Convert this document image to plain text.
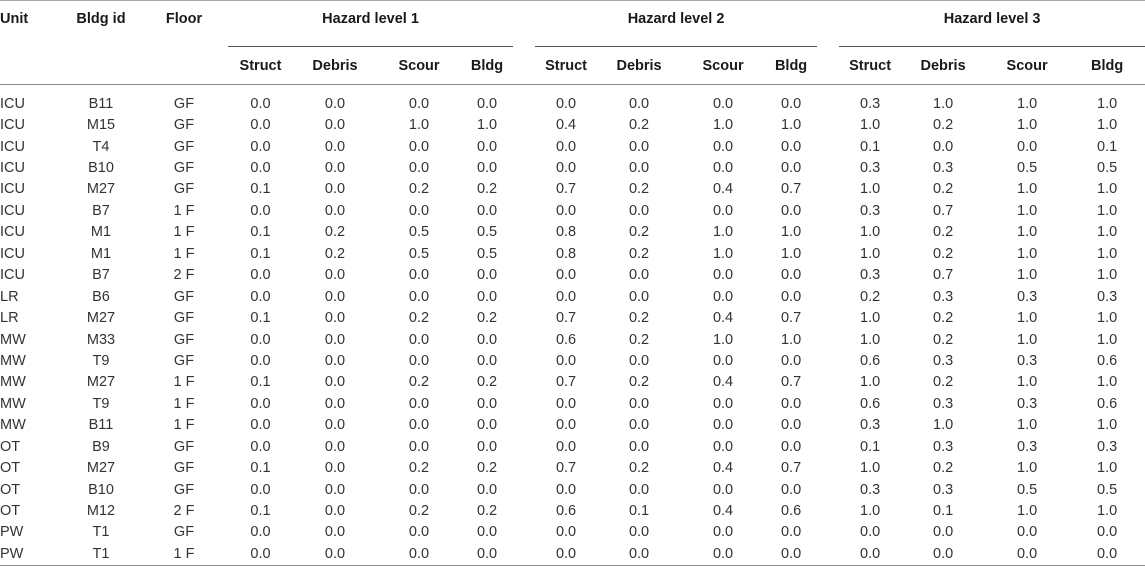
Unit	Bldg id	Floor		Hazard level 1					Hazard level 2					Hazard level 3			
				Struct	Debris	Scour	Bldg		Struct	Debris	Scour	Bldg		Struct	Debris	Scour	Bldg
ICU	B11	GF		0.0	0.0	0.0	0.0		0.0	0.0	0.0	0.0		0.3	1.0	1.0	1.0
ICU	M15	GF		0.0	0.0	1.0	1.0		0.4	0.2	1.0	1.0		1.0	0.2	1.0	1.0
ICU	T4	GF		0.0	0.0	0.0	0.0		0.0	0.0	0.0	0.0		0.1	0.0	0.0	0.1
ICU	B10	GF		0.0	0.0	0.0	0.0		0.0	0.0	0.0	0.0		0.3	0.3	0.5	0.5
ICU	M27	GF		0.1	0.0	0.2	0.2		0.7	0.2	0.4	0.7		1.0	0.2	1.0	1.0
ICU	B7	1 F		0.0	0.0	0.0	0.0		0.0	0.0	0.0	0.0		0.3	0.7	1.0	1.0
ICU	M1	1 F		0.1	0.2	0.5	0.5		0.8	0.2	1.0	1.0		1.0	0.2	1.0	1.0
ICU	M1	1 F		0.1	0.2	0.5	0.5		0.8	0.2	1.0	1.0		1.0	0.2	1.0	1.0
ICU	B7	2 F		0.0	0.0	0.0	0.0		0.0	0.0	0.0	0.0		0.3	0.7	1.0	1.0
LR	B6	GF		0.0	0.0	0.0	0.0		0.0	0.0	0.0	0.0		0.2	0.3	0.3	0.3
LR	M27	GF		0.1	0.0	0.2	0.2		0.7	0.2	0.4	0.7		1.0	0.2	1.0	1.0
MW	M33	GF		0.0	0.0	0.0	0.0		0.6	0.2	1.0	1.0		1.0	0.2	1.0	1.0
MW	T9	GF		0.0	0.0	0.0	0.0		0.0	0.0	0.0	0.0		0.6	0.3	0.3	0.6
MW	M27	1 F		0.1	0.0	0.2	0.2		0.7	0.2	0.4	0.7		1.0	0.2	1.0	1.0
MW	T9	1 F		0.0	0.0	0.0	0.0		0.0	0.0	0.0	0.0		0.6	0.3	0.3	0.6
MW	B11	1 F		0.0	0.0	0.0	0.0		0.0	0.0	0.0	0.0		0.3	1.0	1.0	1.0
OT	B9	GF		0.0	0.0	0.0	0.0		0.0	0.0	0.0	0.0		0.1	0.3	0.3	0.3
OT	M27	GF		0.1	0.0	0.2	0.2		0.7	0.2	0.4	0.7		1.0	0.2	1.0	1.0
OT	B10	GF		0.0	0.0	0.0	0.0		0.0	0.0	0.0	0.0		0.3	0.3	0.5	0.5
OT	M12	2 F		0.1	0.0	0.2	0.2		0.6	0.1	0.4	0.6		1.0	0.1	1.0	1.0
PW	T1	GF		0.0	0.0	0.0	0.0		0.0	0.0	0.0	0.0		0.0	0.0	0.0	0.0
PW	T1	1 F		0.0	0.0	0.0	0.0		0.0	0.0	0.0	0.0		0.0	0.0	0.0	0.0
